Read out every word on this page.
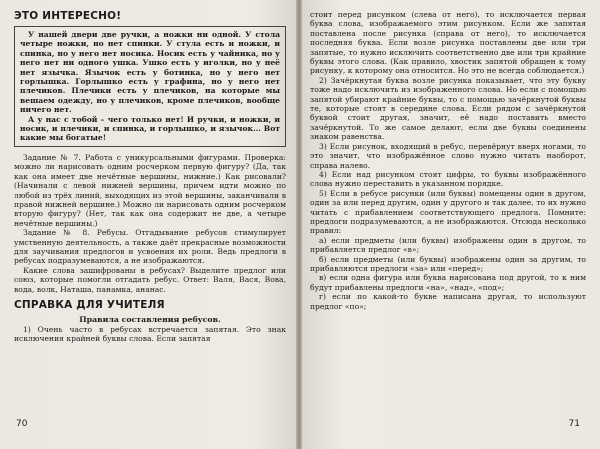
ЭТО ИНТЕРЕСНО!

У нашей двери две ручки, а ножки ни одной. У стола четыре ножки, но нет спинки. У стула есть и ножки, и спинка, но у него нет носика. Носик есть у чайника, но у него нет ни одного ушка. Ушко есть у иголки, но у неё нет язычка. Язычок есть у ботинка, но у него нет горлышка. Горлышко есть у графина, но у него нет плечиков. Плечики есть у плечиков, на которые мы вешаем одежду, но у плечиков, кроме плечиков, вообще ничего нет.

А у нас с тобой – чего только нет! И ручки, и ножки, и носик, и плечики, и спинка, и горлышко, и язычок... Вот какие мы богатые!

Задание № 7. Работа с уникурсальными фигурами. Проверка: можно ли нарисовать одним росчерком первую фигуру? (Да, так как она имеет две нечётные вершины, нижние.) Как рисовали? (Начинали с левой нижней вершины, причем идти можно по любой из трёх линий, выходящих из этой вершины, заканчивали в правой нижней вершине.) Можно ли нарисовать одним росчерком вторую фигуру? (Нет, так как она содержит не две, а четыре нечётные вершины.)

Задание № 8. Ребусы. Отгадывание ребусов стимулирует умственную деятельность, а также даёт прекрасные возможности для заучивания предлогов и усвоения их роли. Ведь предлоги в ребусах подразумеваются, а не изображаются.

Какие слова зашифрованы в ребусах? Выделите предлог или союз, которые помогли отгадать ребус. Ответ: Валя, Вася, Вова, вода, волк, Наташа, панамка, ананас.

СПРАВКА ДЛЯ УЧИТЕЛЯ
Правила составления ребусов.

1) Очень часто в ребусах встречается запятая. Это знак исключения крайней буквы слова. Если запятая

70

стоит перед рисунком (слева от него), то исключается первая буква слова, изображаемого этим рисунком. Если же запятая поставлена после рисунка (справа от него), то исключается последняя буква. Если возле рисунка поставлены две или три запятые, то нужно исключить соответственно две или три крайние буквы этого слова. (Как правило, хвостик запятой обращен к тому рисунку, к которому она относится. Но это не всегда соблюдается.)

2) Зачёркнутая буква возле рисунка показывает, что эту букву тоже надо исключить из изображенного слова. Но если с помощью запятой убирают крайние буквы, то с помощью зачёркнутой буквы те, которые стоят в середине слова. Если рядом с зачёркнутой буквой стоит другая, значит, её надо поставить вместо зачёркнутой. То же самое делают, если две буквы соединены знаком равенства.

3) Если рисунок, входящий в ребус, перевёрнут вверх ногами, то это значит, что изображённое слово нужно читать наоборот, справа налево.

4) Если над рисунком стоят цифры, то буквы изображённого слова нужно переставить в указанном порядке.

5) Если в ребусе рисунки (или буквы) помещены один в другом, один за или перед другим, один у другого и так далее, то их нужно читать с прибавлением соответствующего предлога. Помните: предлоги подразумеваются, а не изображаются. Отсюда несколько правил:

а) если предметы (или буквы) изображены один в другом, то прибавляется предлог «в»;

б) если предметы (или буквы) изображены один за другим, то прибавляются предлоги «за» или «перед»;

в) если одна фигура или буква нарисована под другой, то к ним будут прибавлены предлоги «на», «над», «под»;

г) если по какой-то букве написана другая, то используют предлог «по»;

71
